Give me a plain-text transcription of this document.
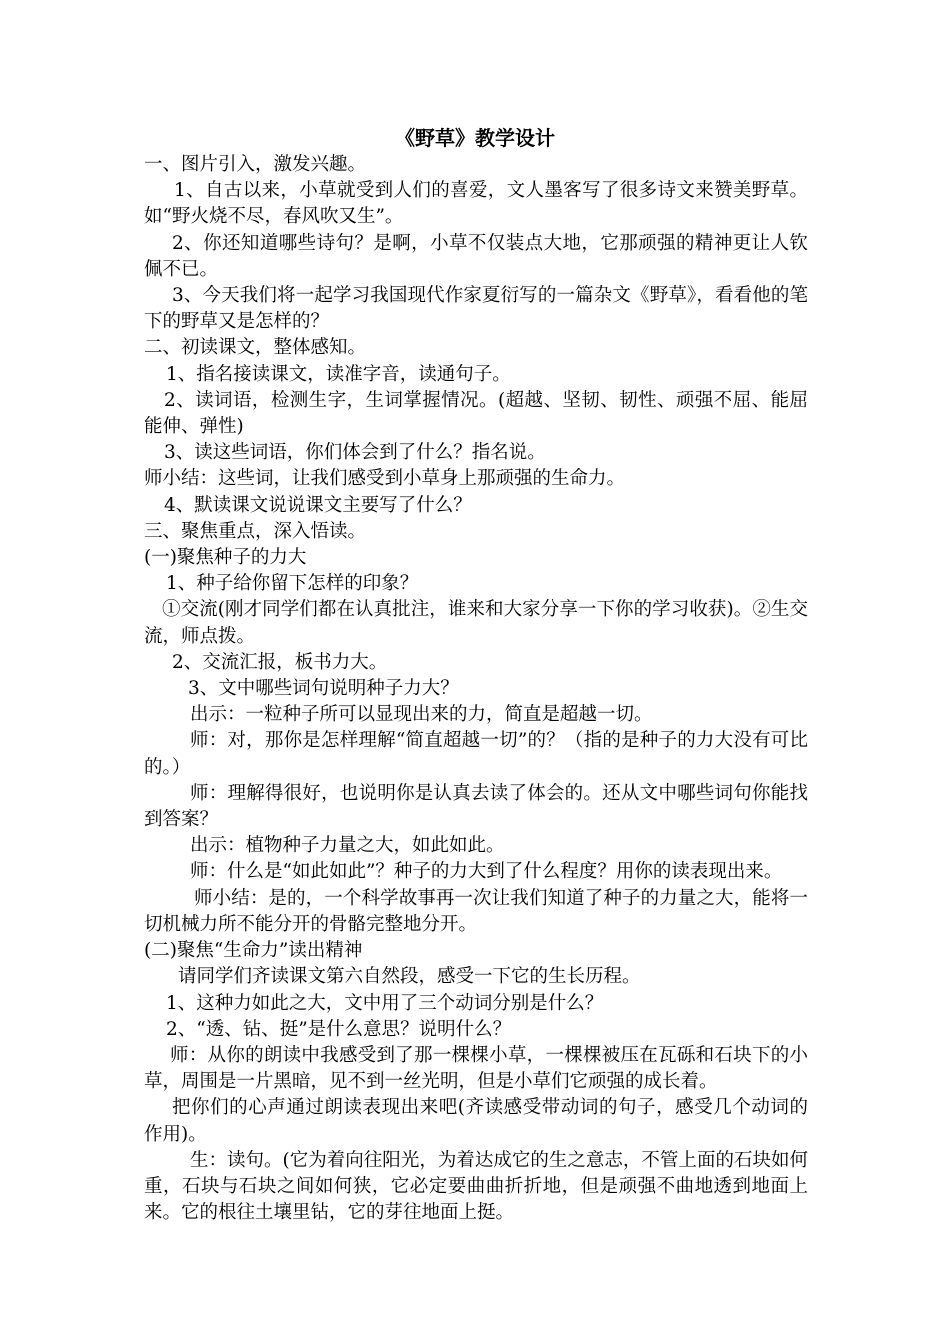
《野草》教学设计

一、图片引入，激发兴趣。

1、自古以来，小草就受到人们的喜爱，文人墨客写了很多诗文来赞美野草。如“野火烧不尽，春风吹又生”。

2、你还知道哪些诗句？是啊，小草不仅装点大地，它那顽强的精神更让人钦佩不已。

3、今天我们将一起学习我国现代作家夏衍写的一篇杂文《野草》，看看他的笔下的野草又是怎样的？

二、初读课文，整体感知。

1、指名接读课文，读准字音，读通句子。

2、读词语，检测生字，生词掌握情况。(超越、坚韧、韧性、顽强不屈、能屈能伸、弹性)

3、读这些词语，你们体会到了什么？指名说。

师小结：这些词，让我们感受到小草身上那顽强的生命力。

4、默读课文说说课文主要写了什么？

三、聚焦重点，深入悟读。

(一)聚焦种子的力大

1、种子给你留下怎样的印象？

①交流(刚才同学们都在认真批注，谁来和大家分享一下你的学习收获)。②生交流，师点拨。

2、交流汇报，板书力大。

3、文中哪些词句说明种子力大？

出示：一粒种子所可以显现出来的力，简直是超越一切。

师：对，那你是怎样理解“简直超越一切”的？（指的是种子的力大没有可比的。）

师：理解得很好，也说明你是认真去读了体会的。还从文中哪些词句你能找到答案？

出示：植物种子力量之大，如此如此。

师：什么是“如此如此”？种子的力大到了什么程度？用你的读表现出来。

师小结：是的，一个科学故事再一次让我们知道了种子的力量之大，能将一切机械力所不能分开的骨骼完整地分开。

(二)聚焦“生命力”读出精神

请同学们齐读课文第六自然段，感受一下它的生长历程。

1、这种力如此之大，文中用了三个动词分别是什么？

2、“透、钻、挺”是什么意思？说明什么？

师：从你的朗读中我感受到了那一棵棵小草，一棵棵被压在瓦砾和石块下的小草，周围是一片黑暗，见不到一丝光明，但是小草们它顽强的成长着。

把你们的心声通过朗读表现出来吧(齐读感受带动词的句子，感受几个动词的作用)。

生：读句。(它为着向往阳光，为着达成它的生之意志，不管上面的石块如何重，石块与石块之间如何狭，它必定要曲曲折折地，但是顽强不曲地透到地面上来。它的根往土壤里钻，它的芽往地面上挺。
